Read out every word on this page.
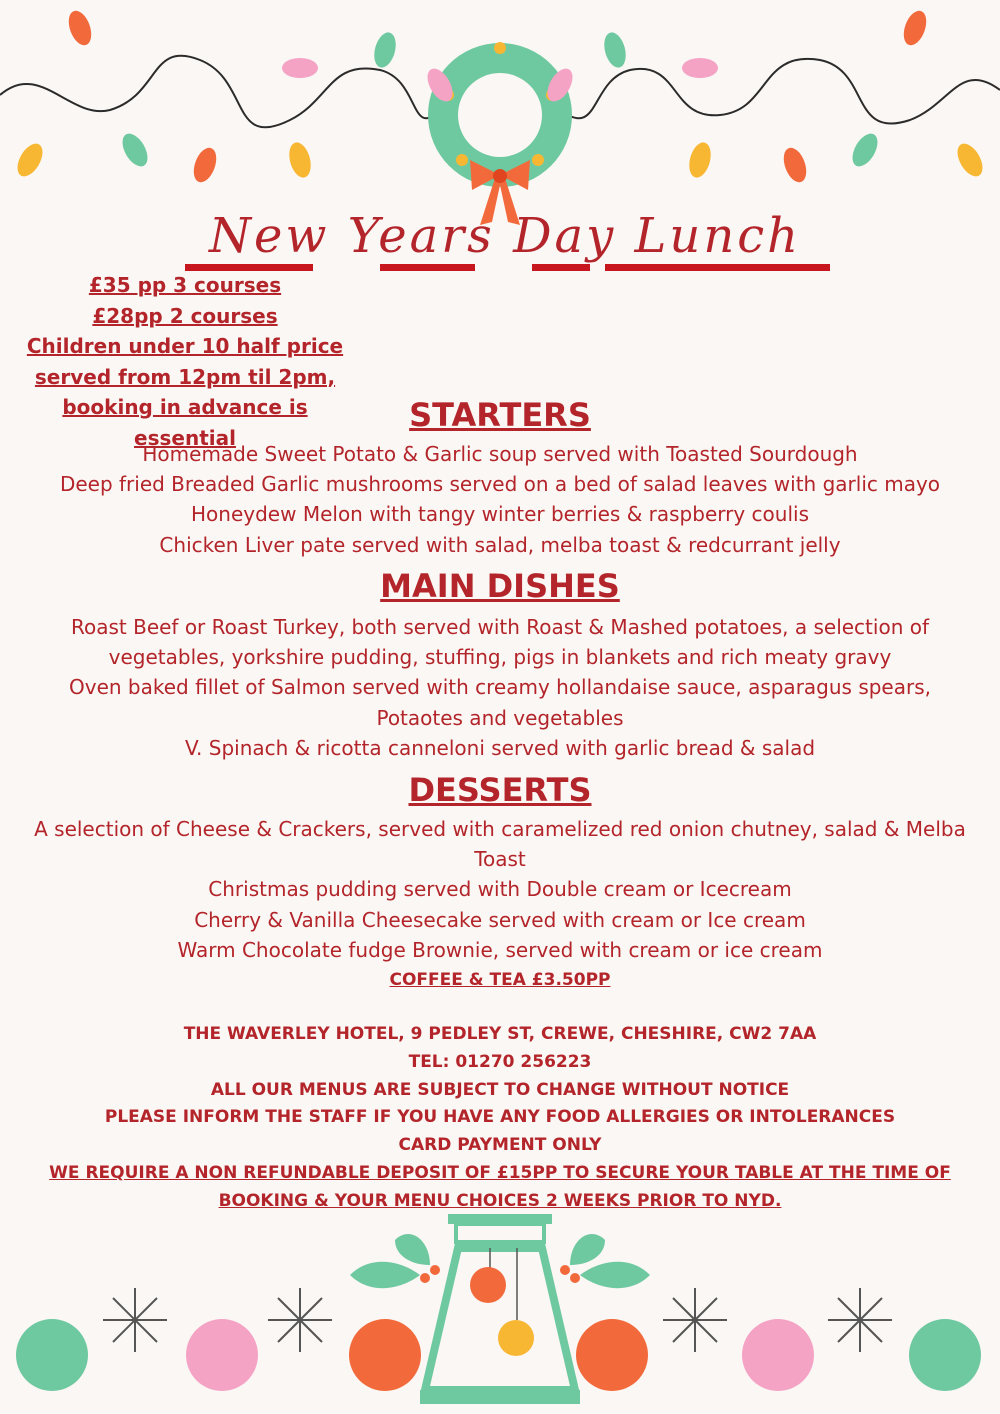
New Years Day Lunch
£35 pp 3 courses
£28pp 2 courses
Children under 10 half price
served from 12pm til 2pm,
booking in advance is essential
STARTERS
Homemade Sweet Potato & Garlic soup served with Toasted Sourdough
Deep fried Breaded Garlic mushrooms served on a bed of salad leaves with garlic mayo
Honeydew Melon with tangy winter berries & raspberry coulis
Chicken Liver pate served with salad, melba toast & redcurrant jelly
MAIN DISHES
Roast Beef or Roast Turkey, both served with Roast & Mashed potatoes, a selection of vegetables, yorkshire pudding, stuffing, pigs in blankets and rich meaty gravy
Oven baked fillet of Salmon served with creamy hollandaise sauce, asparagus spears, Potaotes and vegetables
V. Spinach & ricotta canneloni served with garlic bread & salad
DESSERTS
A selection of Cheese & Crackers, served with caramelized red onion chutney, salad & Melba Toast
Christmas pudding served with Double cream or Icecream
Cherry & Vanilla Cheesecake served with cream or Ice cream
Warm Chocolate fudge Brownie, served with cream or ice cream
COFFEE & TEA £3.50PP
THE WAVERLEY HOTEL, 9 PEDLEY ST, CREWE, CHESHIRE, CW2 7AA
TEL: 01270 256223
ALL OUR MENUS ARE SUBJECT TO CHANGE WITHOUT NOTICE
PLEASE INFORM THE STAFF IF YOU HAVE ANY FOOD ALLERGIES OR INTOLERANCES
CARD PAYMENT ONLY
WE REQUIRE A NON REFUNDABLE DEPOSIT OF £15PP TO SECURE YOUR TABLE AT THE TIME OF
BOOKING & YOUR MENU CHOICES 2 WEEKS PRIOR TO NYD.
